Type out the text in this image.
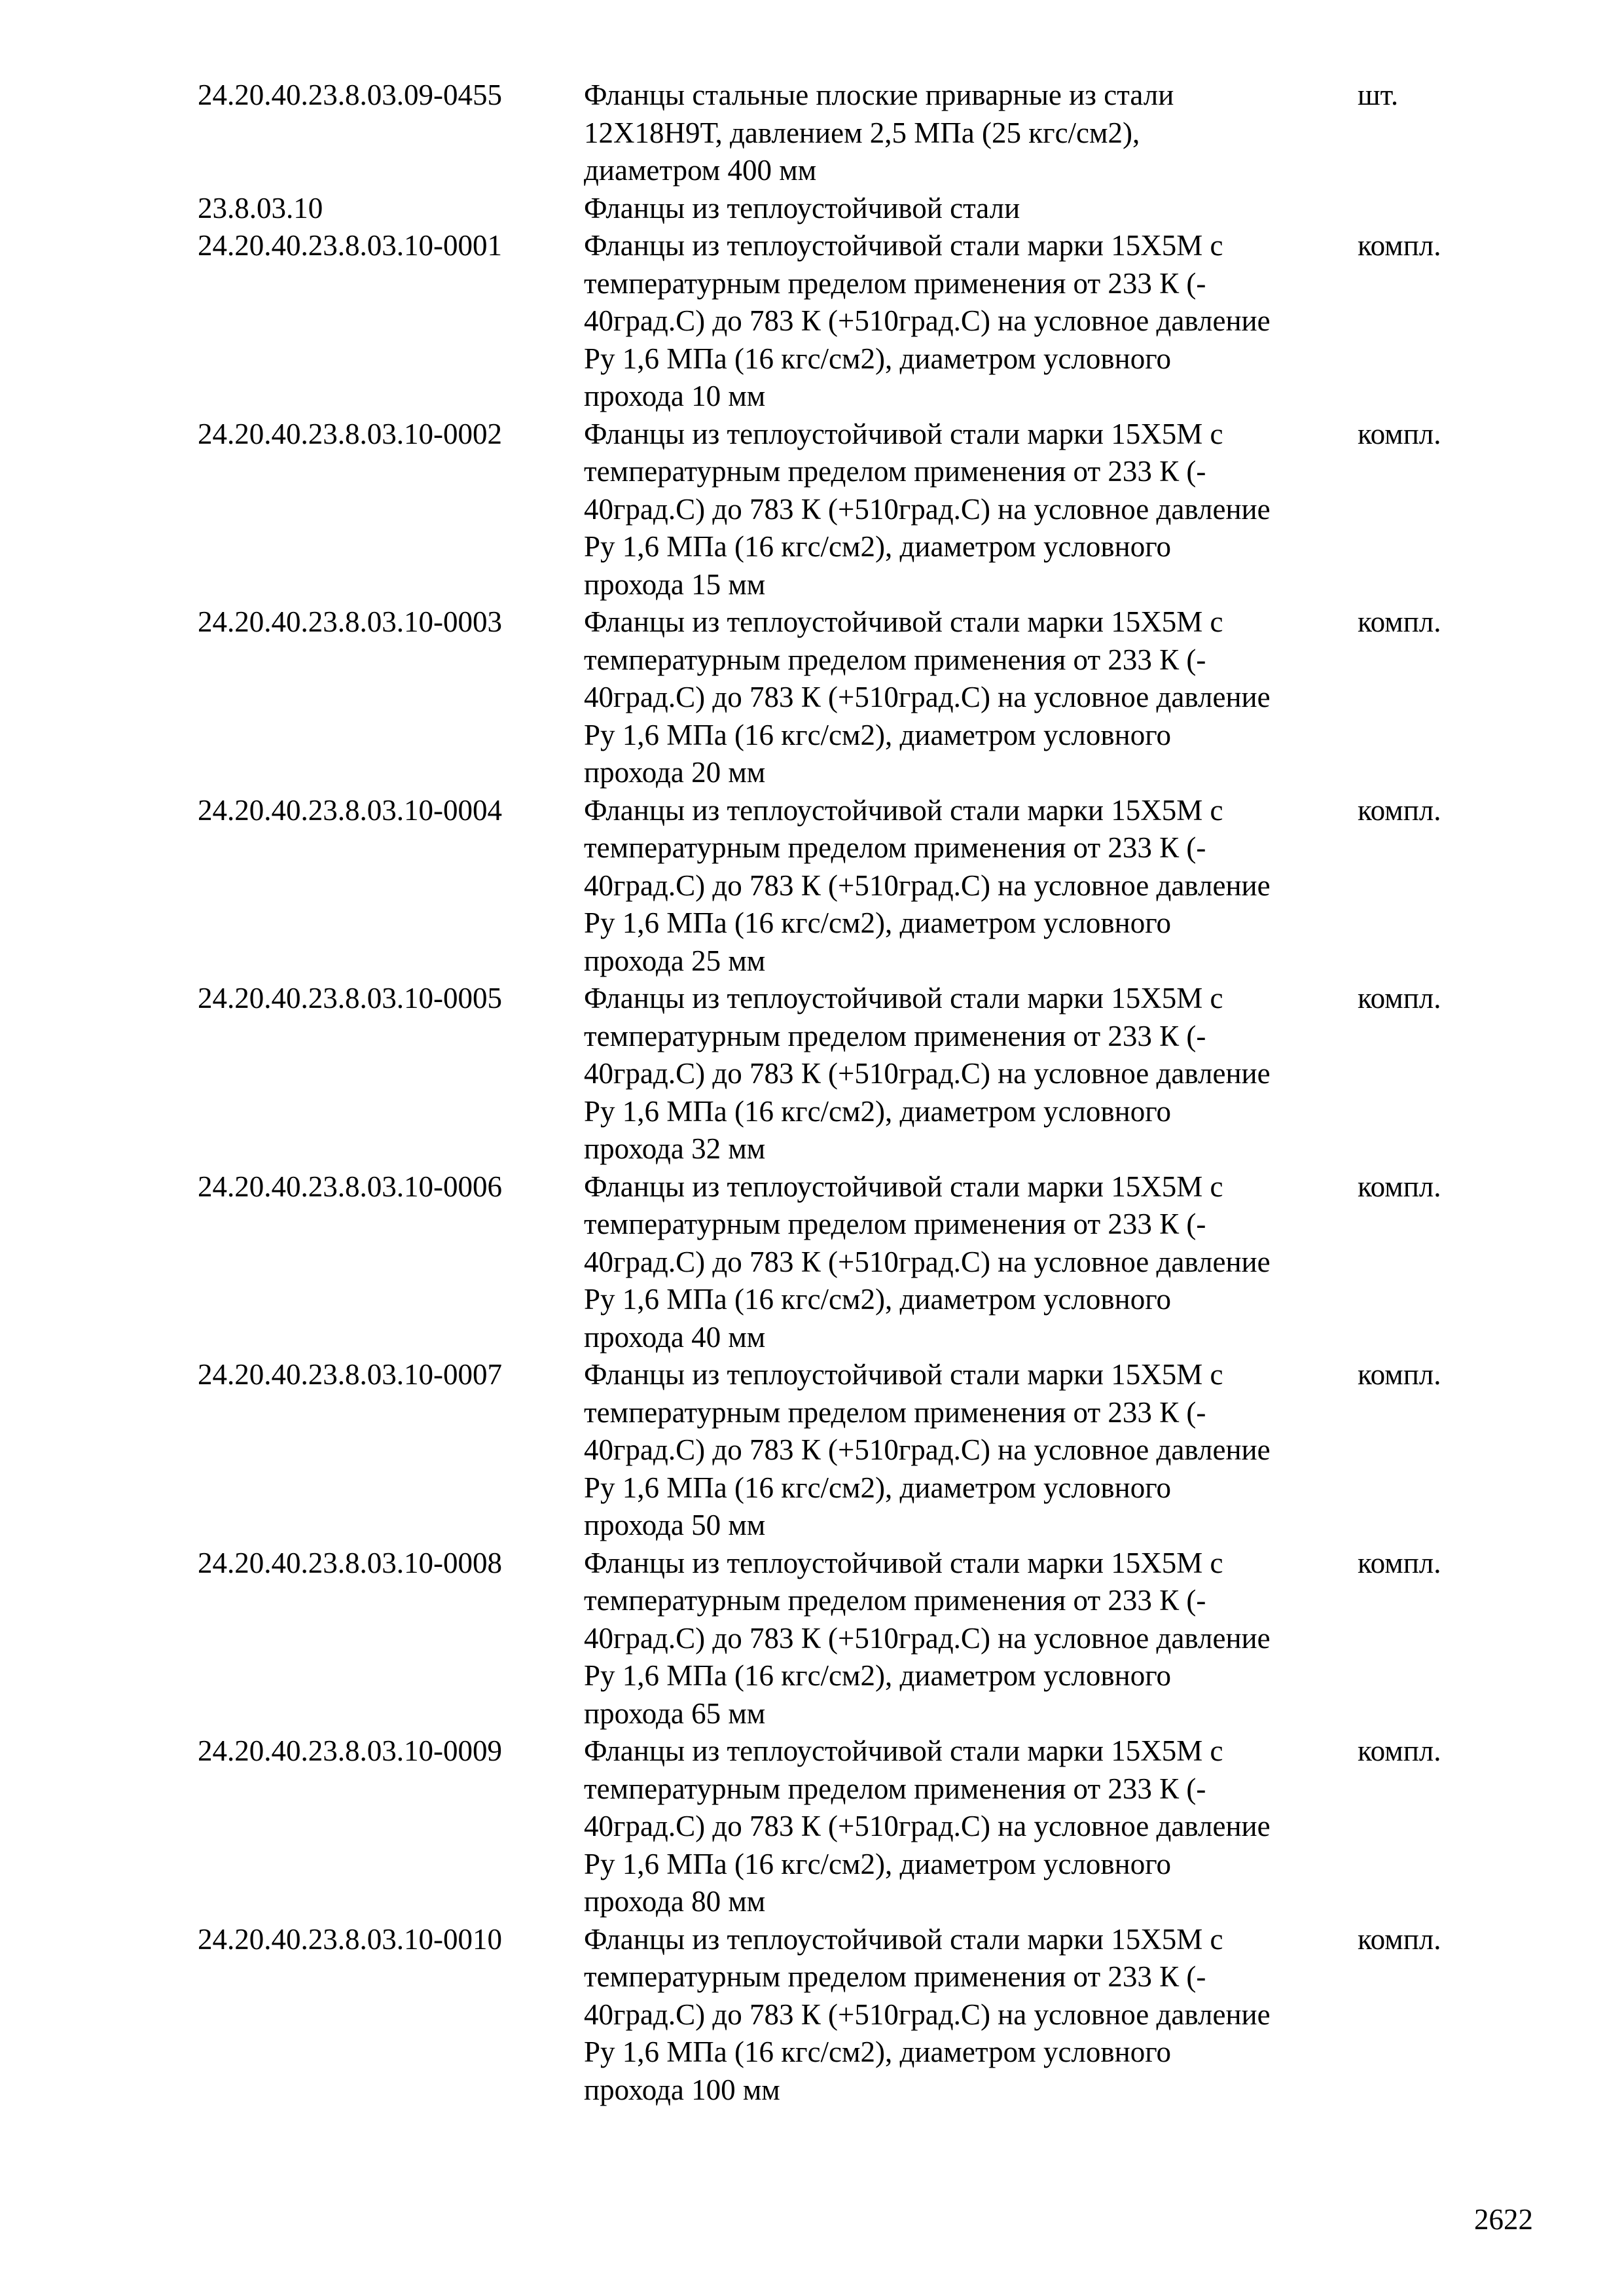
24.20.40.23.8.03.09-0455	Фланцы стальные плоские приварные из стали
12Х18Н9Т, давлением 2,5 МПа (25 кгс/см2),
диаметром 400 мм
шт.
23.8.03.10	Фланцы из теплоустойчивой стали
24.20.40.23.8.03.10-0001	Фланцы из теплоустойчивой стали марки 15Х5М с
температурным пределом применения от 233 К (-
40град.С) до 783 К (+510град.С) на условное давление
Ру 1,6 МПа (16 кгс/см2), диаметром условного
прохода 10 мм
компл.
24.20.40.23.8.03.10-0002	Фланцы из теплоустойчивой стали марки 15Х5М с
температурным пределом применения от 233 К (-
40град.С) до 783 К (+510град.С) на условное давление
Ру 1,6 МПа (16 кгс/см2), диаметром условного
прохода 15 мм
компл.
24.20.40.23.8.03.10-0003	Фланцы из теплоустойчивой стали марки 15Х5М с
температурным пределом применения от 233 К (-
40град.С) до 783 К (+510град.С) на условное давление
Ру 1,6 МПа (16 кгс/см2), диаметром условного
прохода 20 мм
компл.
24.20.40.23.8.03.10-0004	Фланцы из теплоустойчивой стали марки 15Х5М с
температурным пределом применения от 233 К (-
40град.С) до 783 К (+510град.С) на условное давление
Ру 1,6 МПа (16 кгс/см2), диаметром условного
прохода 25 мм
компл.
24.20.40.23.8.03.10-0005	Фланцы из теплоустойчивой стали марки 15Х5М с
температурным пределом применения от 233 К (-
40град.С) до 783 К (+510град.С) на условное давление
Ру 1,6 МПа (16 кгс/см2), диаметром условного
прохода 32 мм
компл.
24.20.40.23.8.03.10-0006	Фланцы из теплоустойчивой стали марки 15Х5М с
температурным пределом применения от 233 К (-
40град.С) до 783 К (+510град.С) на условное давление
Ру 1,6 МПа (16 кгс/см2), диаметром условного
прохода 40 мм
компл.
24.20.40.23.8.03.10-0007	Фланцы из теплоустойчивой стали марки 15Х5М с
температурным пределом применения от 233 К (-
40град.С) до 783 К (+510град.С) на условное давление
Ру 1,6 МПа (16 кгс/см2), диаметром условного
прохода 50 мм
компл.
24.20.40.23.8.03.10-0008	Фланцы из теплоустойчивой стали марки 15Х5М с
температурным пределом применения от 233 К (-
40град.С) до 783 К (+510град.С) на условное давление
Ру 1,6 МПа (16 кгс/см2), диаметром условного
прохода 65 мм
компл.
24.20.40.23.8.03.10-0009	Фланцы из теплоустойчивой стали марки 15Х5М с
температурным пределом применения от 233 К (-
40град.С) до 783 К (+510град.С) на условное давление
Ру 1,6 МПа (16 кгс/см2), диаметром условного
прохода 80 мм
компл.
24.20.40.23.8.03.10-0010	Фланцы из теплоустойчивой стали марки 15Х5М с
температурным пределом применения от 233 К (-
40град.С) до 783 К (+510град.С) на условное давление
Ру 1,6 МПа (16 кгс/см2), диаметром условного
прохода 100 мм
компл.
2622
